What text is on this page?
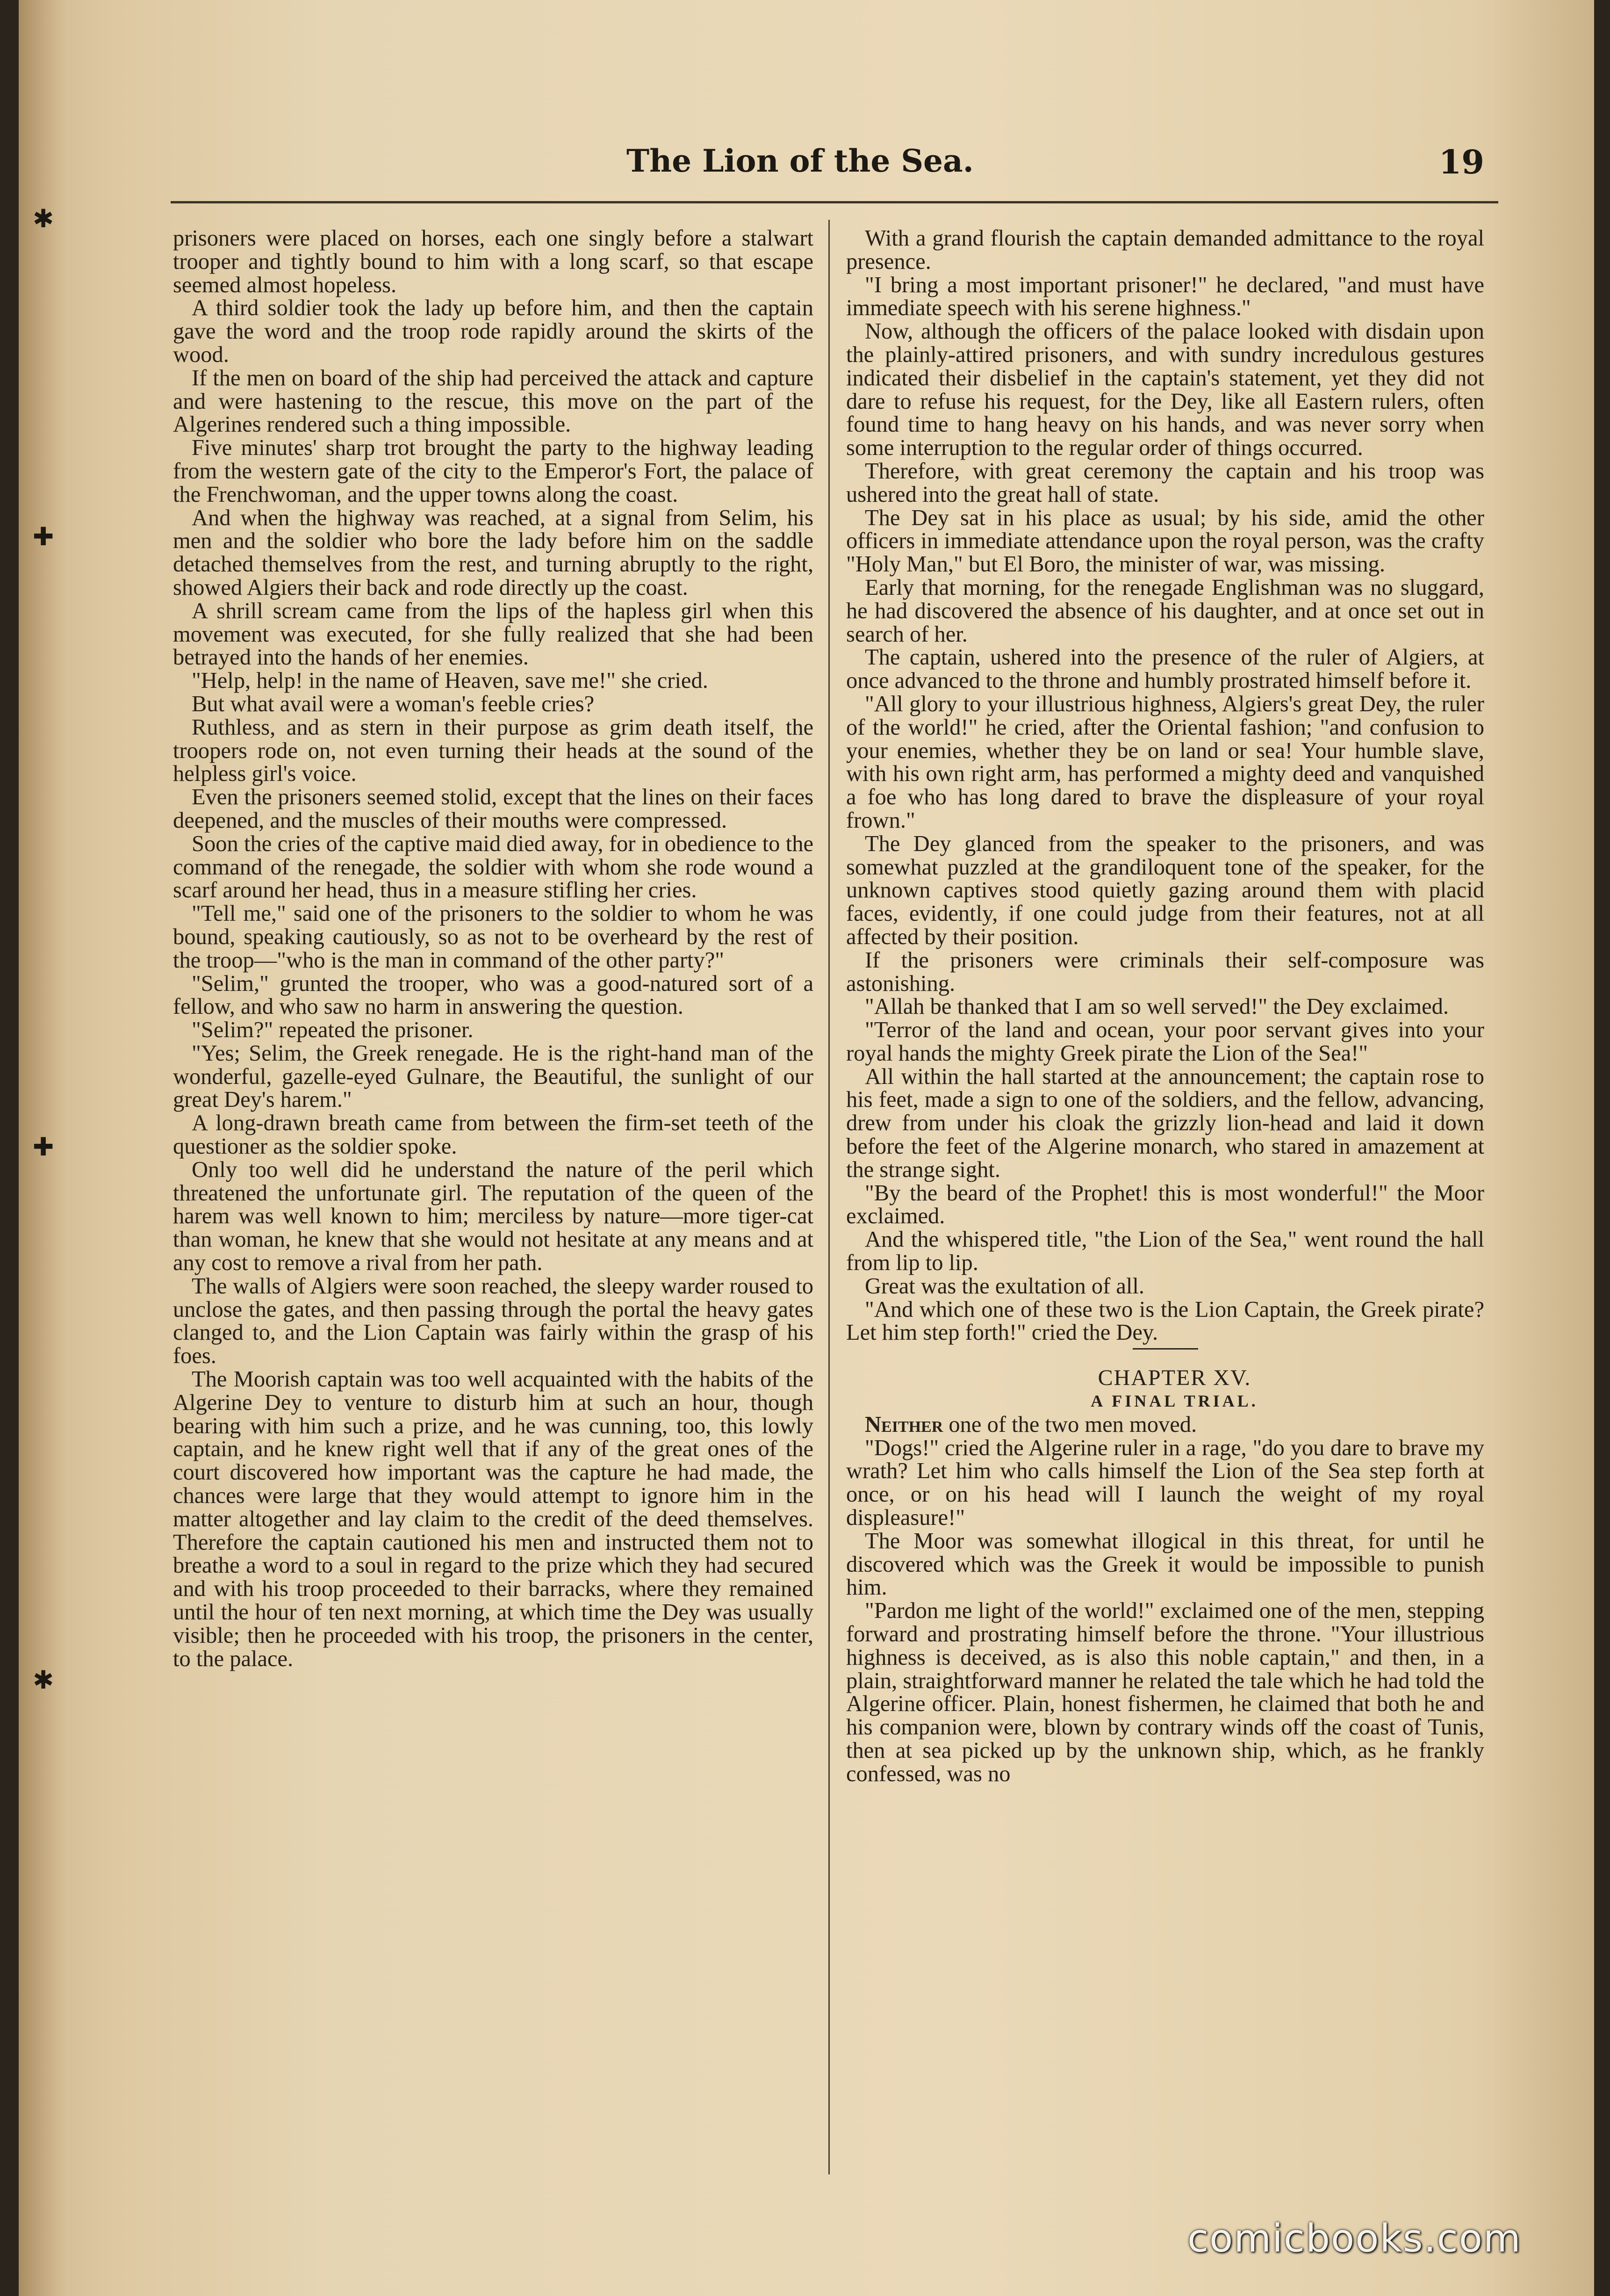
✱
✚
✚
✱
The Lion of the Sea.	19

prisoners were placed on horses, each one singly before a stalwart trooper and tightly bound to him with a long scarf, so that escape seemed almost hopeless.

A third soldier took the lady up before him, and then the captain gave the word and the troop rode rapidly around the skirts of the wood.

If the men on board of the ship had perceived the attack and capture and were hastening to the rescue, this move on the part of the Algerines rendered such a thing impossible.

Five minutes' sharp trot brought the party to the highway leading from the western gate of the city to the Emperor's Fort, the palace of the Frenchwoman, and the upper towns along the coast.

And when the highway was reached, at a signal from Selim, his men and the soldier who bore the lady before him on the saddle detached themselves from the rest, and turning abruptly to the right, showed Algiers their back and rode directly up the coast.

A shrill scream came from the lips of the hapless girl when this movement was executed, for she fully realized that she had been betrayed into the hands of her enemies.

"Help, help! in the name of Heaven, save me!" she cried.

But what avail were a woman's feeble cries?

Ruthless, and as stern in their purpose as grim death itself, the troopers rode on, not even turning their heads at the sound of the helpless girl's voice.

Even the prisoners seemed stolid, except that the lines on their faces deepened, and the muscles of their mouths were compressed.

Soon the cries of the captive maid died away, for in obedience to the command of the renegade, the soldier with whom she rode wound a scarf around her head, thus in a measure stifling her cries.

"Tell me," said one of the prisoners to the soldier to whom he was bound, speaking cautiously, so as not to be overheard by the rest of the troop—"who is the man in command of the other party?"

"Selim," grunted the trooper, who was a good-natured sort of a fellow, and who saw no harm in answering the question.

"Selim?" repeated the prisoner.

"Yes; Selim, the Greek renegade. He is the right-hand man of the wonderful, gazelle-eyed Gulnare, the Beautiful, the sunlight of our great Dey's harem."

A long-drawn breath came from between the firm-set teeth of the questioner as the soldier spoke.

Only too well did he understand the nature of the peril which threatened the unfortunate girl. The reputation of the queen of the harem was well known to him; merciless by nature—more tiger-cat than woman, he knew that she would not hesitate at any means and at any cost to remove a rival from her path.

The walls of Algiers were soon reached, the sleepy warder roused to unclose the gates, and then passing through the portal the heavy gates clanged to, and the Lion Captain was fairly within the grasp of his foes.

The Moorish captain was too well acquainted with the habits of the Algerine Dey to venture to disturb him at such an hour, though bearing with him such a prize, and he was cunning, too, this lowly captain, and he knew right well that if any of the great ones of the court discovered how important was the capture he had made, the chances were large that they would attempt to ignore him in the matter altogether and lay claim to the credit of the deed themselves. Therefore the captain cautioned his men and instructed them not to breathe a word to a soul in regard to the prize which they had secured and with his troop proceeded to their barracks, where they remained until the hour of ten next morning, at which time the Dey was usually visible; then he proceeded with his troop, the prisoners in the center, to the palace.

With a grand flourish the captain demanded admittance to the royal presence.

"I bring a most important prisoner!" he declared, "and must have immediate speech with his serene highness."

Now, although the officers of the palace looked with disdain upon the plainly-attired prisoners, and with sundry incredulous gestures indicated their disbelief in the captain's statement, yet they did not dare to refuse his request, for the Dey, like all Eastern rulers, often found time to hang heavy on his hands, and was never sorry when some interruption to the regular order of things occurred.

Therefore, with great ceremony the captain and his troop was ushered into the great hall of state.

The Dey sat in his place as usual; by his side, amid the other officers in immediate attendance upon the royal person, was the crafty "Holy Man," but El Boro, the minister of war, was missing.

Early that morning, for the renegade Englishman was no sluggard, he had discovered the absence of his daughter, and at once set out in search of her.

The captain, ushered into the presence of the ruler of Algiers, at once advanced to the throne and humbly prostrated himself before it.

"All glory to your illustrious highness, Algiers's great Dey, the ruler of the world!" he cried, after the Oriental fashion; "and confusion to your enemies, whether they be on land or sea! Your humble slave, with his own right arm, has performed a mighty deed and vanquished a foe who has long dared to brave the displeasure of your royal frown."

The Dey glanced from the speaker to the prisoners, and was somewhat puzzled at the grandiloquent tone of the speaker, for the unknown captives stood quietly gazing around them with placid faces, evidently, if one could judge from their features, not at all affected by their position.

If the prisoners were criminals their self-composure was astonishing.

"Allah be thanked that I am so well served!" the Dey exclaimed.

"Terror of the land and ocean, your poor servant gives into your royal hands the mighty Greek pirate the Lion of the Sea!"

All within the hall started at the announcement; the captain rose to his feet, made a sign to one of the soldiers, and the fellow, advancing, drew from under his cloak the grizzly lion-head and laid it down before the feet of the Algerine monarch, who stared in amazement at the strange sight.

"By the beard of the Prophet! this is most wonderful!" the Moor exclaimed.

And the whispered title, "the Lion of the Sea," went round the hall from lip to lip.

Great was the exultation of all.

"And which one of these two is the Lion Captain, the Greek pirate? Let him step forth!" cried the Dey.

CHAPTER XV.

A FINAL TRIAL.

Neither one of the two men moved.

"Dogs!" cried the Algerine ruler in a rage, "do you dare to brave my wrath? Let him who calls himself the Lion of the Sea step forth at once, or on his head will I launch the weight of my royal displeasure!"

The Moor was somewhat illogical in this threat, for until he discovered which was the Greek it would be impossible to punish him.

"Pardon me light of the world!" exclaimed one of the men, stepping forward and prostrating himself before the throne. "Your illustrious highness is deceived, as is also this noble captain," and then, in a plain, straightforward manner he related the tale which he had told the Algerine officer. Plain, honest fishermen, he claimed that both he and his companion were, blown by contrary winds off the coast of Tunis, then at sea picked up by the unknown ship, which, as he frankly confessed, was no

comicbooks.com
